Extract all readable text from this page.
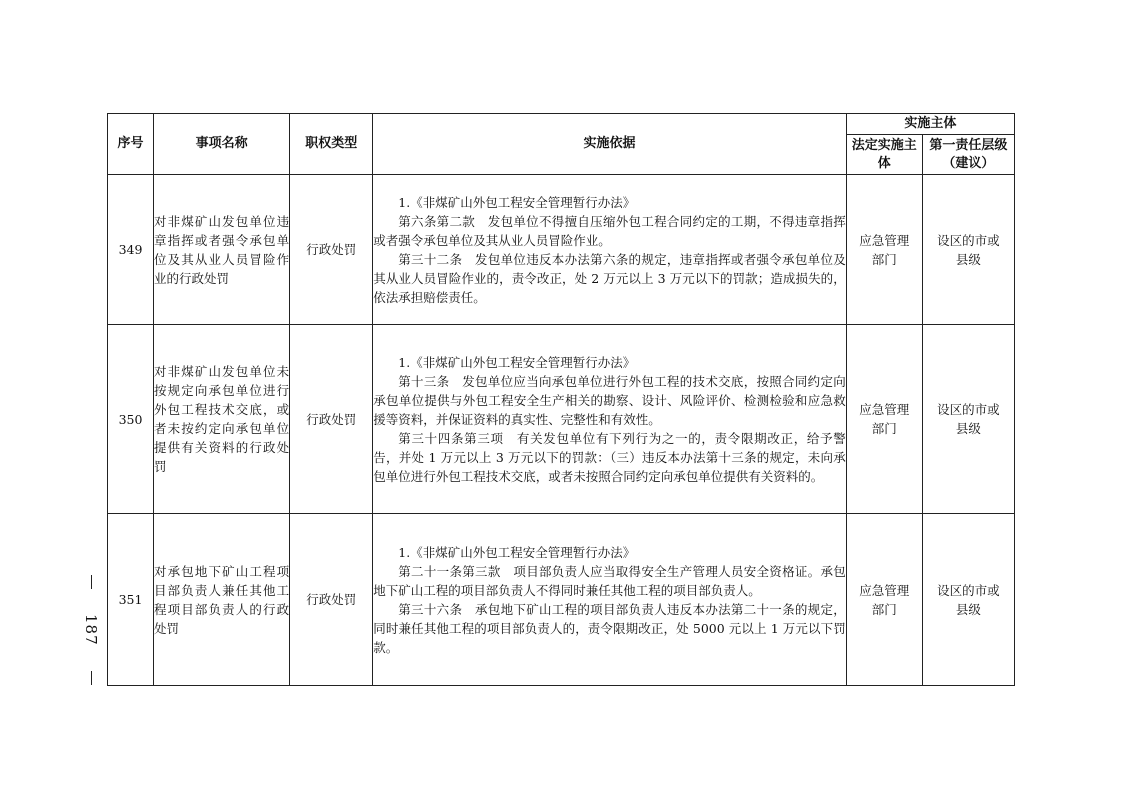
187
序号	事项名称	职权类型	实施依据	实施主体	
				法定实施主体	第一责任层级（建议）
349	对非煤矿山发包单位违章指挥或者强令承包单位及其从业人员冒险作业的行政处罚	行政处罚	1.《非煤矿山外包工程安全管理暂行办法》

第六条第二款　发包单位不得擅自压缩外包工程合同约定的工期，不得违章指挥或者强令承包单位及其从业人员冒险作业。

第三十二条　发包单位违反本办法第六条的规定，违章指挥或者强令承包单位及其从业人员冒险作业的，责令改正，处 2 万元以上 3 万元以下的罚款；造成损失的，依法承担赔偿责任。	应急管理部门	设区的市或县级
350	对非煤矿山发包单位未按规定向承包单位进行外包工程技术交底，或者未按约定向承包单位提供有关资料的行政处罚	行政处罚	1.《非煤矿山外包工程安全管理暂行办法》

第十三条　发包单位应当向承包单位进行外包工程的技术交底，按照合同约定向承包单位提供与外包工程安全生产相关的勘察、设计、风险评价、检测检验和应急救援等资料，并保证资料的真实性、完整性和有效性。

第三十四条第三项　有关发包单位有下列行为之一的，责令限期改正，给予警告，并处 1 万元以上 3 万元以下的罚款：（三）违反本办法第十三条的规定，未向承包单位进行外包工程技术交底，或者未按照合同约定向承包单位提供有关资料的。	应急管理部门	设区的市或县级
351	对承包地下矿山工程项目部负责人兼任其他工程项目部负责人的行政处罚	行政处罚	1.《非煤矿山外包工程安全管理暂行办法》

第二十一条第三款　项目部负责人应当取得安全生产管理人员安全资格证。承包地下矿山工程的项目部负责人不得同时兼任其他工程的项目部负责人。

第三十六条　承包地下矿山工程的项目部负责人违反本办法第二十一条的规定，同时兼任其他工程的项目部负责人的，责令限期改正，处 5000 元以上 1 万元以下罚款。	应急管理部门	设区的市或县级
